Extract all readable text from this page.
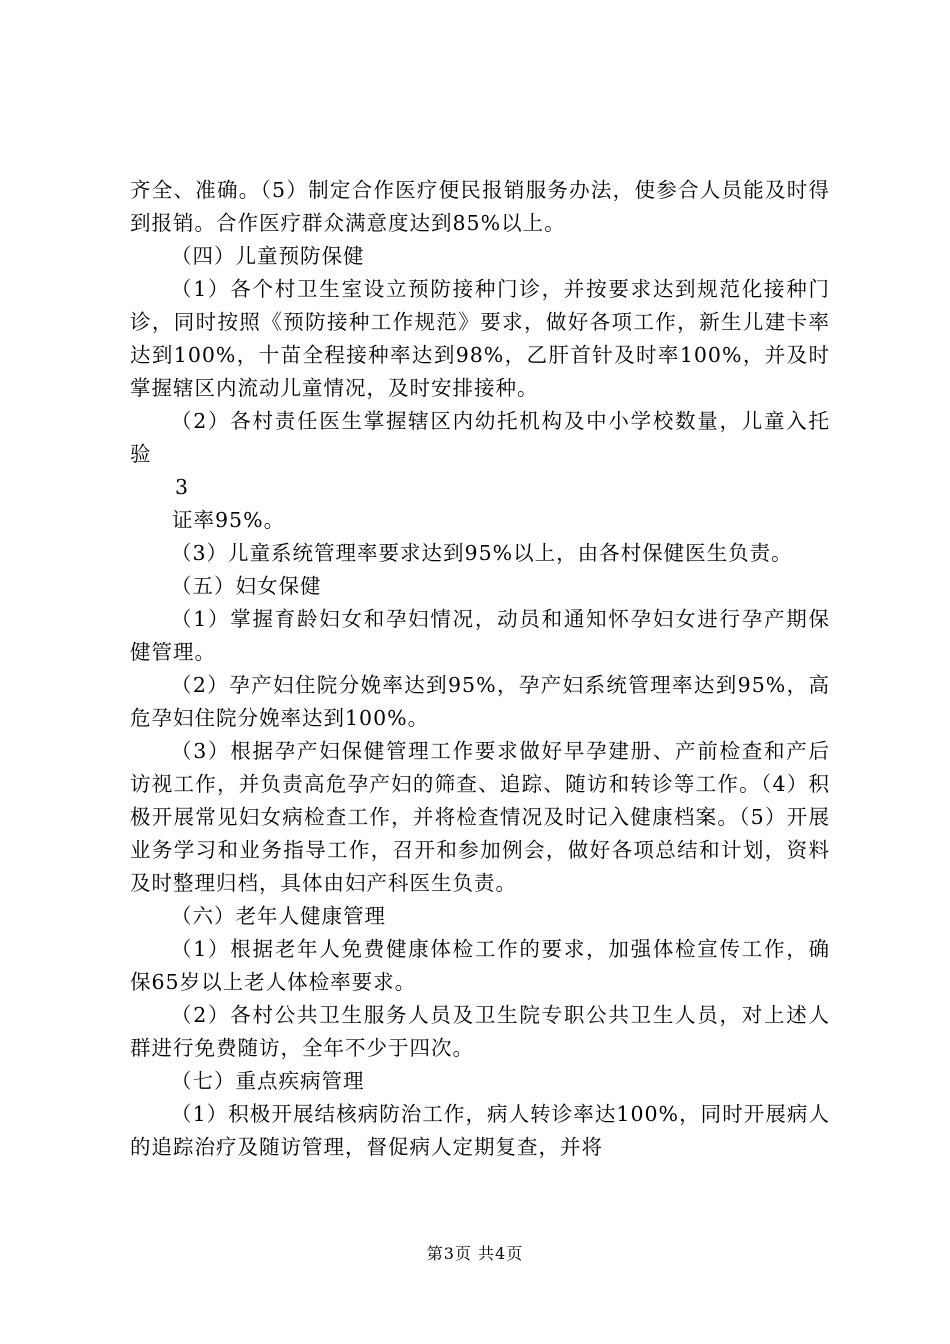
齐全、准确。（5）制定合作医疗便民报销服务办法，使参合人员能及时得到报销。合作医疗群众满意度达到85%以上。

（四）儿童预防保健

（1）各个村卫生室设立预防接种门诊，并按要求达到规范化接种门诊，同时按照《预防接种工作规范》要求，做好各项工作，新生儿建卡率达到100%，十苗全程接种率达到98%，乙肝首针及时率100%，并及时掌握辖区内流动儿童情况，及时安排接种。

（2）各村责任医生掌握辖区内幼托机构及中小学校数量，儿童入托验

3

证率95%。

（3）儿童系统管理率要求达到95%以上，由各村保健医生负责。

（五）妇女保健

（1）掌握育龄妇女和孕妇情况，动员和通知怀孕妇女进行孕产期保健管理。

（2）孕产妇住院分娩率达到95%，孕产妇系统管理率达到95%，高危孕妇住院分娩率达到100%。

（3）根据孕产妇保健管理工作要求做好早孕建册、产前检查和产后访视工作，并负责高危孕产妇的筛查、追踪、随访和转诊等工作。（4）积极开展常见妇女病检查工作，并将检查情况及时记入健康档案。（5）开展业务学习和业务指导工作，召开和参加例会，做好各项总结和计划，资料及时整理归档，具体由妇产科医生负责。

（六）老年人健康管理

（1）根据老年人免费健康体检工作的要求，加强体检宣传工作，确保65岁以上老人体检率要求。

（2）各村公共卫生服务人员及卫生院专职公共卫生人员，对上述人群进行免费随访，全年不少于四次。

（七）重点疾病管理

（1）积极开展结核病防治工作，病人转诊率达100%，同时开展病人的追踪治疗及随访管理，督促病人定期复查，并将

第3页 共4页
